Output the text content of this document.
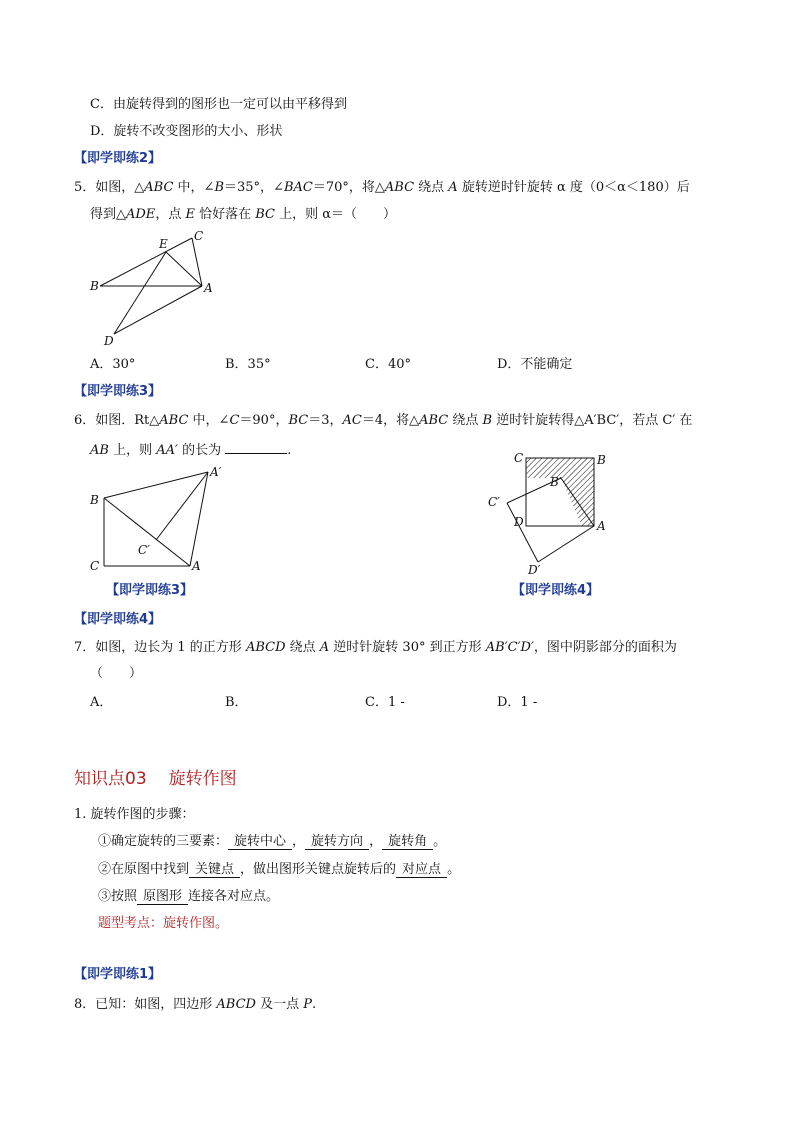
C．由旋转得到的图形也一定可以由平移得到
D．旋转不改变图形的大小、形状
【即学即练2】
5．如图，△ABC 中，∠B＝35°，∠BAC＝70°，将△ABC 绕点 A 旋转逆时针旋转 α 度（0＜α＜180）后
得到△ADE，点 E 恰好落在 BC 上，则 α＝（　　）
E
C
B	A
D
A．30°	B．35°	C．40°	D．不能确定
【即学即练3】
6．如图．Rt△ABC 中，∠C＝90°，BC＝3，AC＝4，将△ABC 绕点 B 逆时针旋转得△A′BC′，若点 C′ 在
AB 上，则 AA′ 的长为	.
B
A′
C′
C	A
【即学即练3】
C	B
B′
C′
D	A
D′
【即学即练4】
【即学即练4】
7．如图，边长为 1 的正方形 ABCD 绕点 A 逆时针旋转 30° 到正方形 AB′C′D′，图中阴影部分的面积为
（　　）
A．	B．	C．1 -	D．1 -
知识点03 旋转作图
1. 旋转作图的步骤：
①确定旋转的三要素： 旋转中心 ， 旋转方向 ， 旋转角 。
②在原图中找到 关键点 ，做出图形关键点旋转后的 对应点 。
③按照 原图形 连接各对应点。
题型考点：旋转作图。
【即学即练1】
8．已知：如图，四边形 ABCD 及一点 P.
